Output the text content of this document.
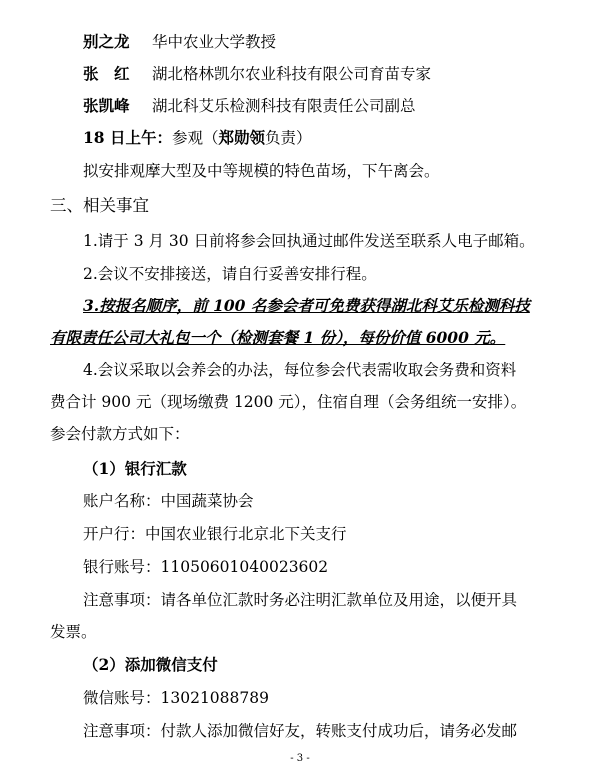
别之龙 华中农业大学教授
张　红 湖北格林凯尔农业科技有限公司育苗专家
张凯峰 湖北科艾乐检测科技有限责任公司副总
18 日上午：参观（郑勋领负责）
拟安排观摩大型及中等规模的特色苗场，下午离会。
三、相关事宜
1.请于 3 月 30 日前将参会回执通过邮件发送至联系人电子邮箱。
2.会议不安排接送，请自行妥善安排行程。
3.按报名顺序，前 100 名参会者可免费获得湖北科艾乐检测科技
有限责任公司大礼包一个（检测套餐 1 份），每份价值 6000 元。
4.会议采取以会养会的办法，每位参会代表需收取会务费和资料
费合计 900 元（现场缴费 1200 元），住宿自理（会务组统一安排）。
参会付款方式如下：
（1）银行汇款
账户名称：中国蔬菜协会
开户行：中国农业银行北京北下关支行
银行账号：11050601040023602
注意事项：请各单位汇款时务必注明汇款单位及用途，以便开具
发票。
（2）添加微信支付
微信账号：13021088789
注意事项：付款人添加微信好友，转账支付成功后，请务必发邮
- 3 -
